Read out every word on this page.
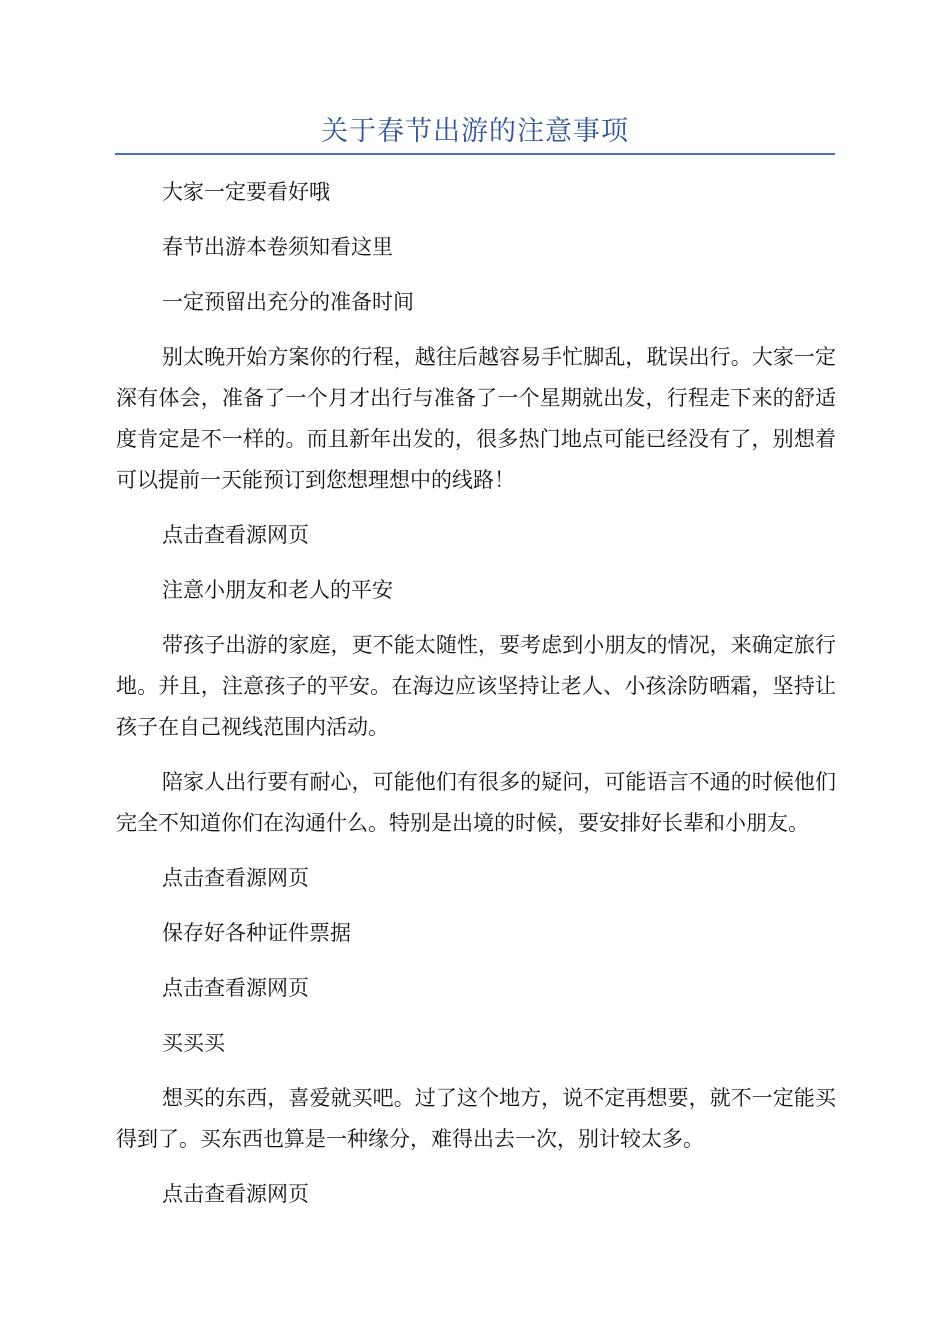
关于春节出游的注意事项

大家一定要看好哦

春节出游本卷须知看这里

一定预留出充分的准备时间

别太晚开始方案你的行程，越往后越容易手忙脚乱，耽误出行。大家一定深有体会，准备了一个月才出行与准备了一个星期就出发，行程走下来的舒适度肯定是不一样的。而且新年出发的，很多热门地点可能已经没有了，别想着可以提前一天能预订到您想理想中的线路！

点击查看源网页

注意小朋友和老人的平安

带孩子出游的家庭，更不能太随性，要考虑到小朋友的情况，来确定旅行地。并且，注意孩子的平安。在海边应该坚持让老人、小孩涂防晒霜，坚持让孩子在自己视线范围内活动。

陪家人出行要有耐心，可能他们有很多的疑问，可能语言不通的时候他们完全不知道你们在沟通什么。特别是出境的时候，要安排好长辈和小朋友。

点击查看源网页

保存好各种证件票据

点击查看源网页

买买买

想买的东西，喜爱就买吧。过了这个地方，说不定再想要，就不一定能买得到了。买东西也算是一种缘分，难得出去一次，别计较太多。

点击查看源网页
